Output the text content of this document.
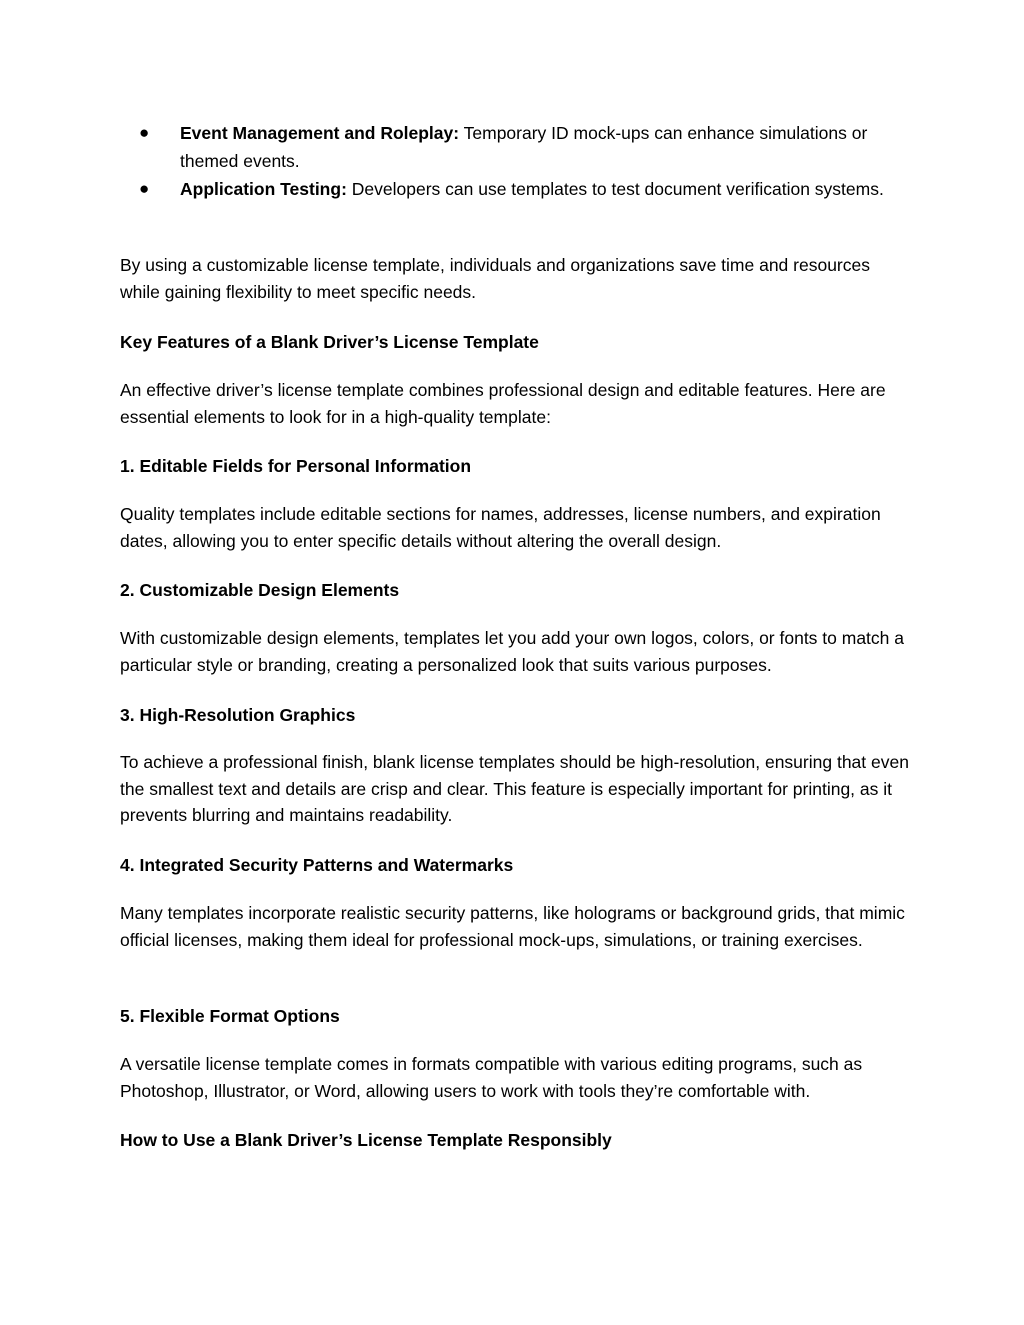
●	Event Management and Roleplay: Temporary ID mock-ups can enhance simulations or themed events.
●	Application Testing: Developers can use templates to test document verification systems.

By using a customizable license template, individuals and organizations save time and resources while gaining flexibility to meet specific needs.

Key Features of a Blank Driver’s License Template

An effective driver’s license template combines professional design and editable features. Here are essential elements to look for in a high-quality template:

1. Editable Fields for Personal Information

Quality templates include editable sections for names, addresses, license numbers, and expiration dates, allowing you to enter specific details without altering the overall design.

2. Customizable Design Elements

With customizable design elements, templates let you add your own logos, colors, or fonts to match a particular style or branding, creating a personalized look that suits various purposes.

3. High-Resolution Graphics

To achieve a professional finish, blank license templates should be high-resolution, ensuring that even the smallest text and details are crisp and clear. This feature is especially important for printing, as it prevents blurring and maintains readability.

4. Integrated Security Patterns and Watermarks

Many templates incorporate realistic security patterns, like holograms or background grids, that mimic official licenses, making them ideal for professional mock-ups, simulations, or training exercises.

5. Flexible Format Options

A versatile license template comes in formats compatible with various editing programs, such as Photoshop, Illustrator, or Word, allowing users to work with tools they’re comfortable with.

How to Use a Blank Driver’s License Template Responsibly
